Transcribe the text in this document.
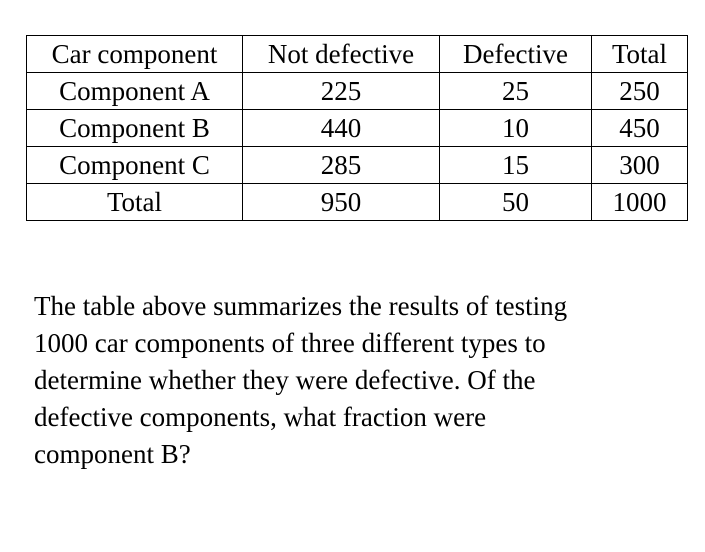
Car component	Not defective	Defective	Total
Component A	225	25	250
Component B	440	10	450
Component C	285	15	300
Total	950	50	1000

The table above summarizes the results of testing
1000 car components of three different types to
determine whether they were defective. Of the
defective components, what fraction were
component B?
